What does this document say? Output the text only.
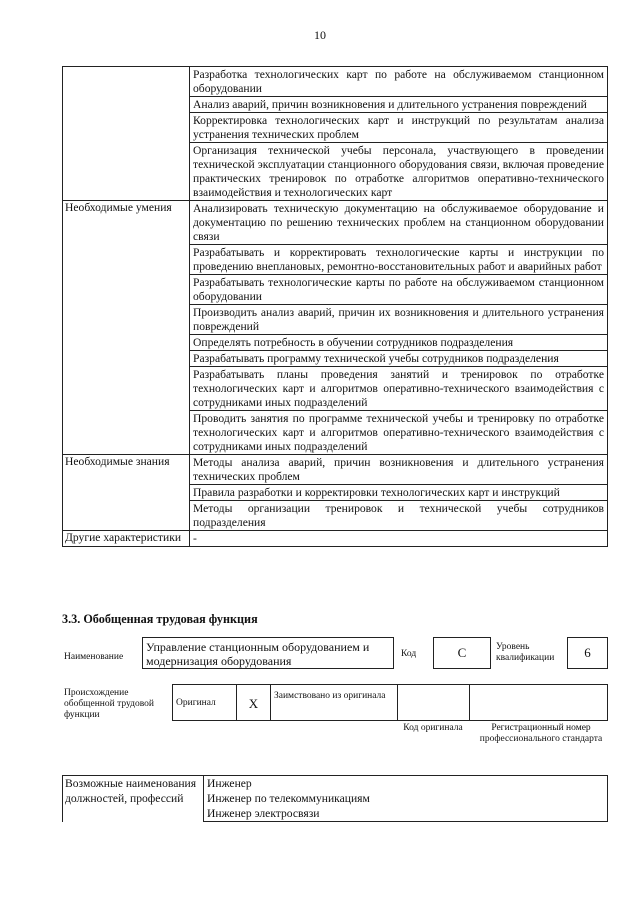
10
	Разработка технологических карт по работе на обслуживаемом станционном оборудовании
	Анализ аварий, причин возникновения и длительного устранения повреждений
	Корректировка технологических карт и инструкций по результатам анализа устранения технических проблем
	Организация технической учебы персонала, участвующего в проведении технической эксплуатации станционного оборудования связи, включая проведение практических тренировок по отработке алгоритмов оперативно-технического взаимодействия и технологических карт
Необходимые умения	Анализировать техническую документацию на обслуживаемое оборудование и документацию по решению технических проблем на станционном оборудовании связи
	Разрабатывать и корректировать технологические карты и инструкции по проведению внеплановых, ремонтно-восстановительных работ и аварийных работ
	Разрабатывать технологические карты по работе на обслуживаемом станционном оборудовании
	Производить анализ аварий, причин их возникновения и длительного устранения повреждений
	Определять потребность в обучении сотрудников подразделения
	Разрабатывать программу технической учебы сотрудников подразделения
	Разрабатывать планы проведения занятий и тренировок по отработке технологических карт и алгоритмов оперативно-технического взаимодействия с сотрудниками иных подразделений
	Проводить занятия по программе технической учебы и тренировку по отработке технологических карт и алгоритмов оперативно-технического взаимодействия с сотрудниками иных подразделений
Необходимые знания	Методы анализа аварий, причин возникновения и длительного устранения технических проблем
	Правила разработки и корректировки технологических карт и инструкций
	Методы организации тренировок и технической учебы сотрудников подразделения
Другие характеристики	-
3.3. Обобщенная трудовая функция
Наименование
Управление станционным оборудованием и модернизация оборудования	Код	C	Уровень квалификации	6
Происхождение обобщенной трудовой функции
Оригинал	X	Заимствовано из оригинала
Код оригинала	Регистрационный номер профессионального стандарта
Возможные наименования должностей, профессий	Инженер
Инженер по телекоммуникациям
Инженер электросвязи
